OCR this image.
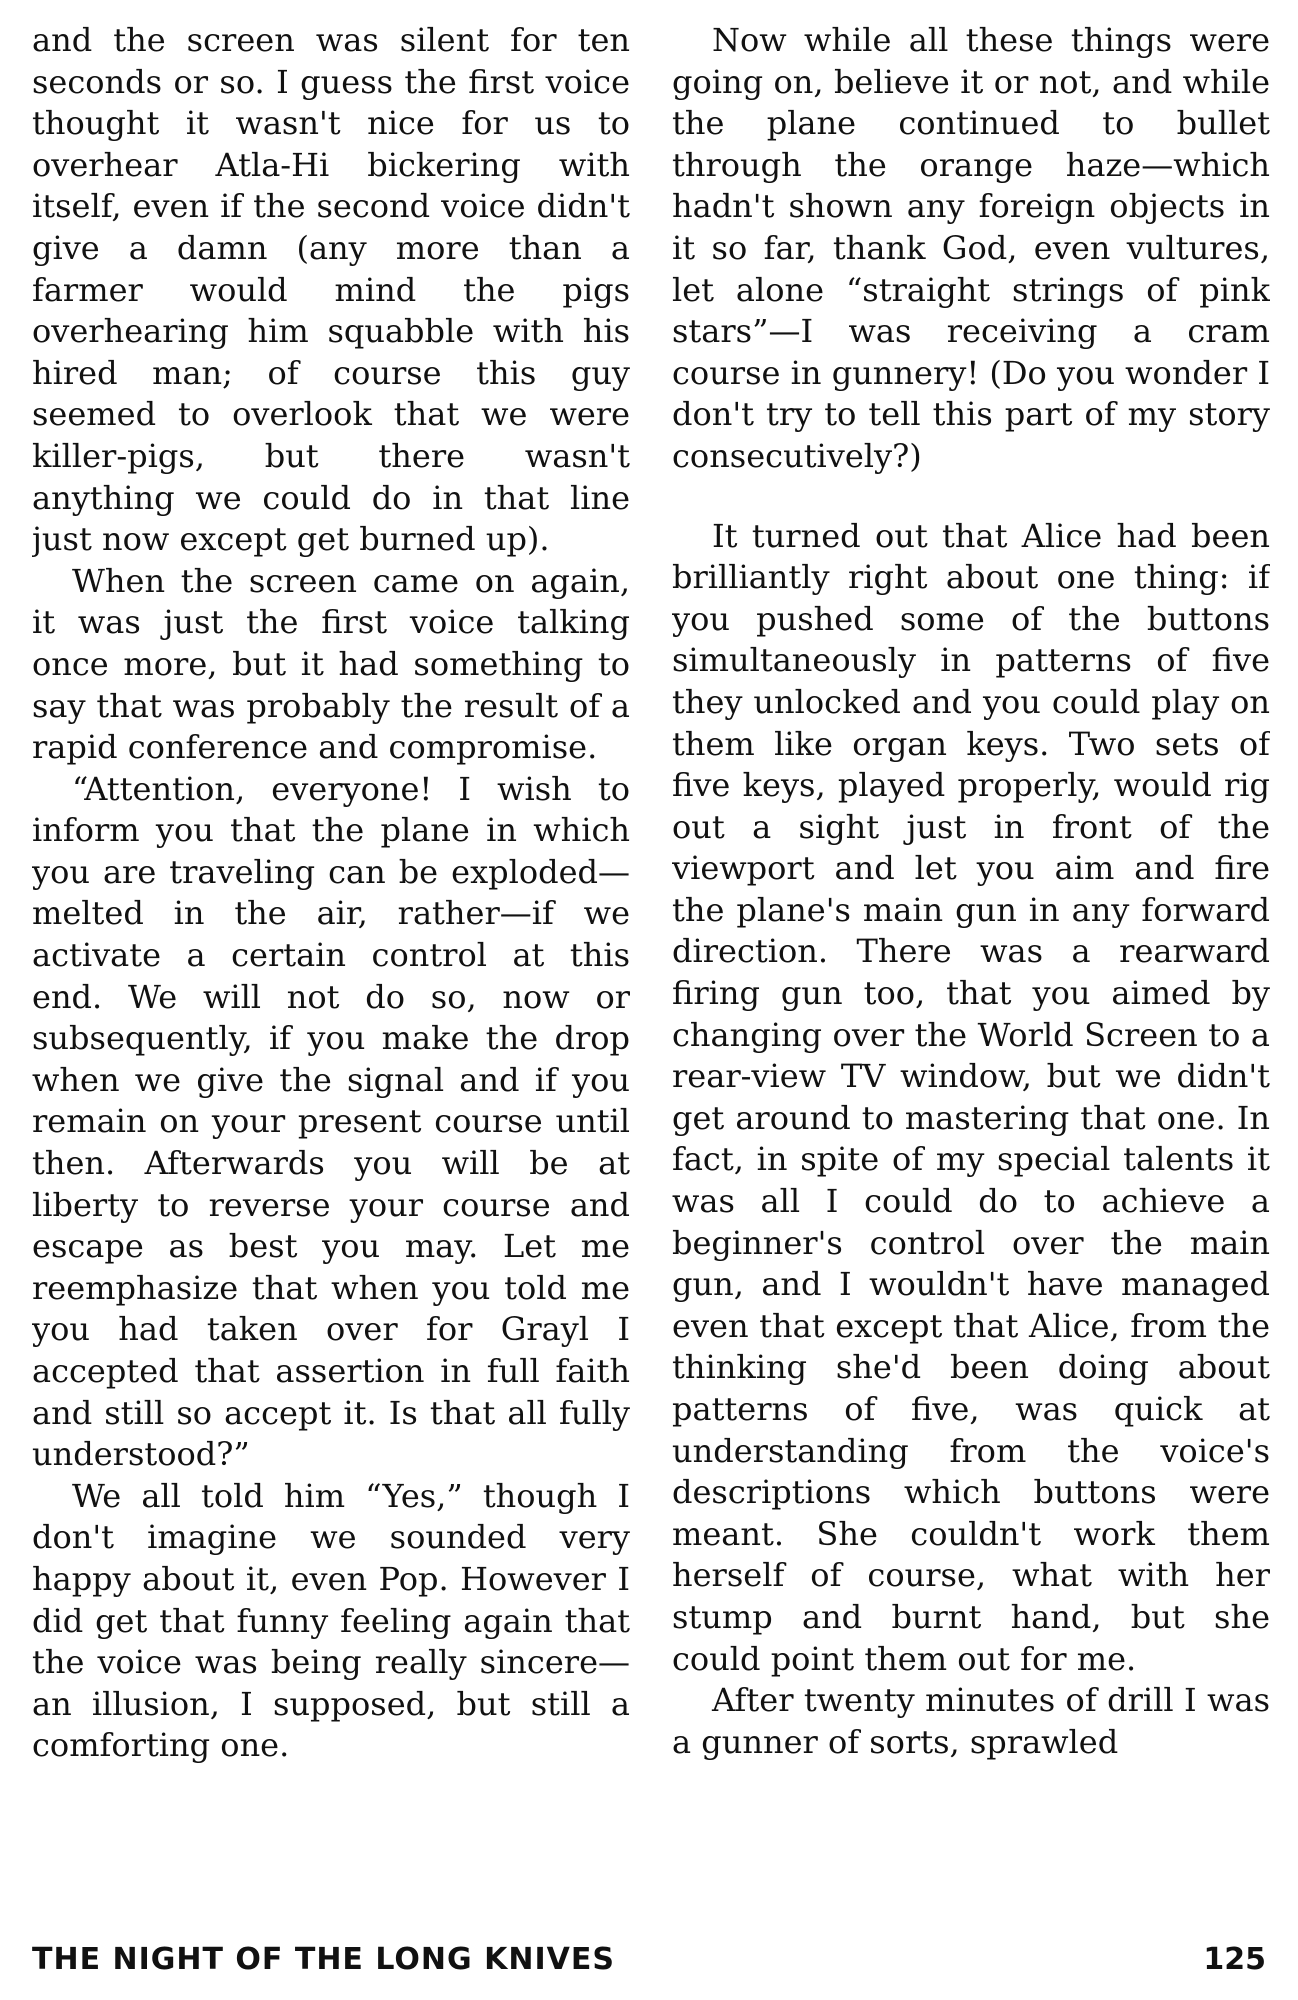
and the screen was silent for ten seconds or so. I guess the first voice thought it wasn't nice for us to overhear Atla-Hi bickering with itself, even if the second voice didn't give a damn (any more than a farmer would mind the pigs overhearing him squabble with his hired man; of course this guy seemed to overlook that we were killer-pigs, but there wasn't anything we could do in that line just now except get burned up).

When the screen came on again, it was just the first voice talking once more, but it had something to say that was probably the result of a rapid conference and compromise.

“Attention, everyone! I wish to inform you that the plane in which you are traveling can be exploded—melted in the air, rather—if we activate a certain control at this end. We will not do so, now or subsequently, if you make the drop when we give the signal and if you remain on your present course until then. Afterwards you will be at liberty to reverse your course and escape as best you may. Let me reemphasize that when you told me you had taken over for Grayl I accepted that assertion in full faith and still so accept it. Is that all fully understood?”

We all told him “Yes,” though I don't imagine we sounded very happy about it, even Pop. However I did get that funny feeling again that the voice was being really sincere—an illusion, I supposed, but still a comforting one.

Now while all these things were going on, believe it or not, and while the plane continued to bullet through the orange haze—which hadn't shown any foreign objects in it so far, thank God, even vultures, let alone “straight strings of pink stars”—I was receiving a cram course in gunnery! (Do you wonder I don't try to tell this part of my story consecutively?)

It turned out that Alice had been brilliantly right about one thing: if you pushed some of the buttons simultaneously in patterns of five they unlocked and you could play on them like organ keys. Two sets of five keys, played properly, would rig out a sight just in front of the viewport and let you aim and fire the plane's main gun in any forward direction. There was a rearward firing gun too, that you aimed by changing over the World Screen to a rear-view TV window, but we didn't get around to mastering that one. In fact, in spite of my special talents it was all I could do to achieve a beginner's control over the main gun, and I wouldn't have managed even that except that Alice, from the thinking she'd been doing about patterns of five, was quick at understanding from the voice's descriptions which buttons were meant. She couldn't work them herself of course, what with her stump and burnt hand, but she could point them out for me.

After twenty minutes of drill I was a gunner of sorts, sprawled

THE NIGHT OF THE LONG KNIVES	125
